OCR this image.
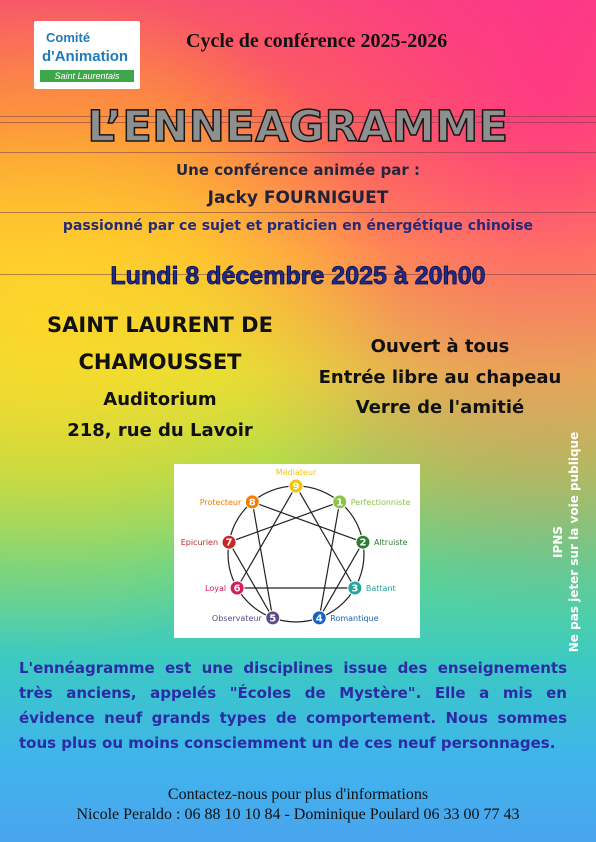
Comité
d'Animation
Saint Laurentais
Cycle de conférence 2025-2026
L’ENNEAGRAMME
Une conférence animée par :
Jacky FOURNIGUET
passionné par ce sujet et praticien en énergétique chinoise
Lundi 8 décembre 2025 à 20h00
SAINT LAURENT DE
CHAMOUSSET
Auditorium
218, rue du Lavoir
Ouvert à tous
Entrée libre au chapeau
Verre de l'amitié
9
Médiateur
1 Perfectionniste
2 Altruiste
3 Battant
4 Romantique
5
Observateur
6
Loyal
7
Epicurien
8
Protecteur
IPNS Ne pas jeter sur la voie publique
L'ennéagramme est une disciplines issue des enseignements très anciens, appelés "Écoles de Mystère". Elle a mis en évidence neuf grands types de comportement. Nous sommes tous plus ou moins consciemment un de ces neuf personnages.
Contactez-nous pour plus d'informations
Nicole Peraldo : 06 88 10 10 84 - Dominique Poulard 06 33 00 77 43
